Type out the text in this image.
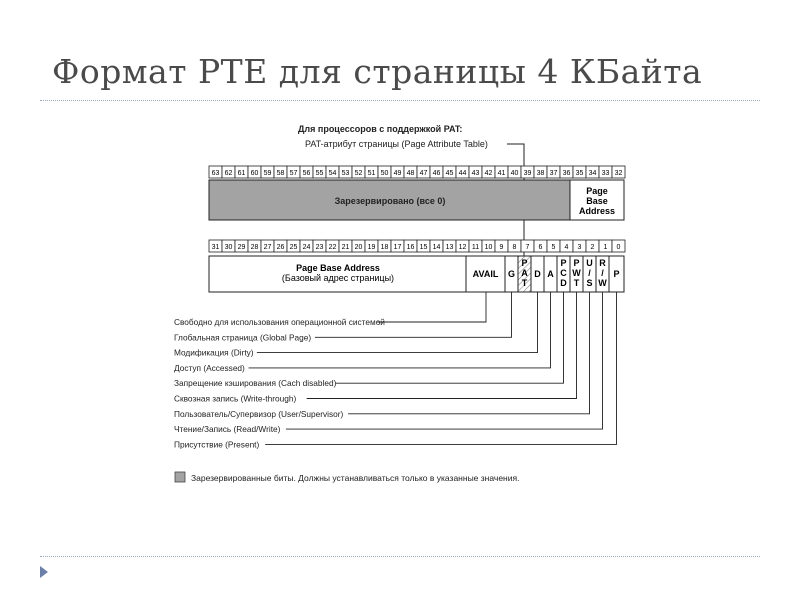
Формат PTE для страницы 4 КБайта
Для процессоров с поддержкой PAT:
PAT-атрибут страницы (Page Attribute Table)
63 62 61 60 59 58 57 56 55 54 53 52 51 50 49 48 47 46 45 44 43 42 41 40 39 38 37 36 35 34 33 32
Зарезервировано (все 0)
Page
Base
Address
31 30 29 28 27 26 25 24 23 22 21 20 19 18 17 16 15 14 13 12 11 10 9 8 7 6 5 4 3 2 1 0
Page Base Address
(Базовый адрес страницы)	AVAIL G
P
A
T
D A
P
C
D
P
W
T
U
/
S
R
/
W
P
Свободно для использования операционной системой
Глобальная страница (Global Page)
Модификация (Dirty)
Доступ (Accessed)
Запрещение кэширования (Cach disabled)
Сквозная запись (Write-through)
Пользователь/Супервизор (User/Supervisor)
Чтение/Запись (Read/Write)
Присутствие (Present)
Зарезервированные биты. Должны устанавливаться только в указанные значения.
